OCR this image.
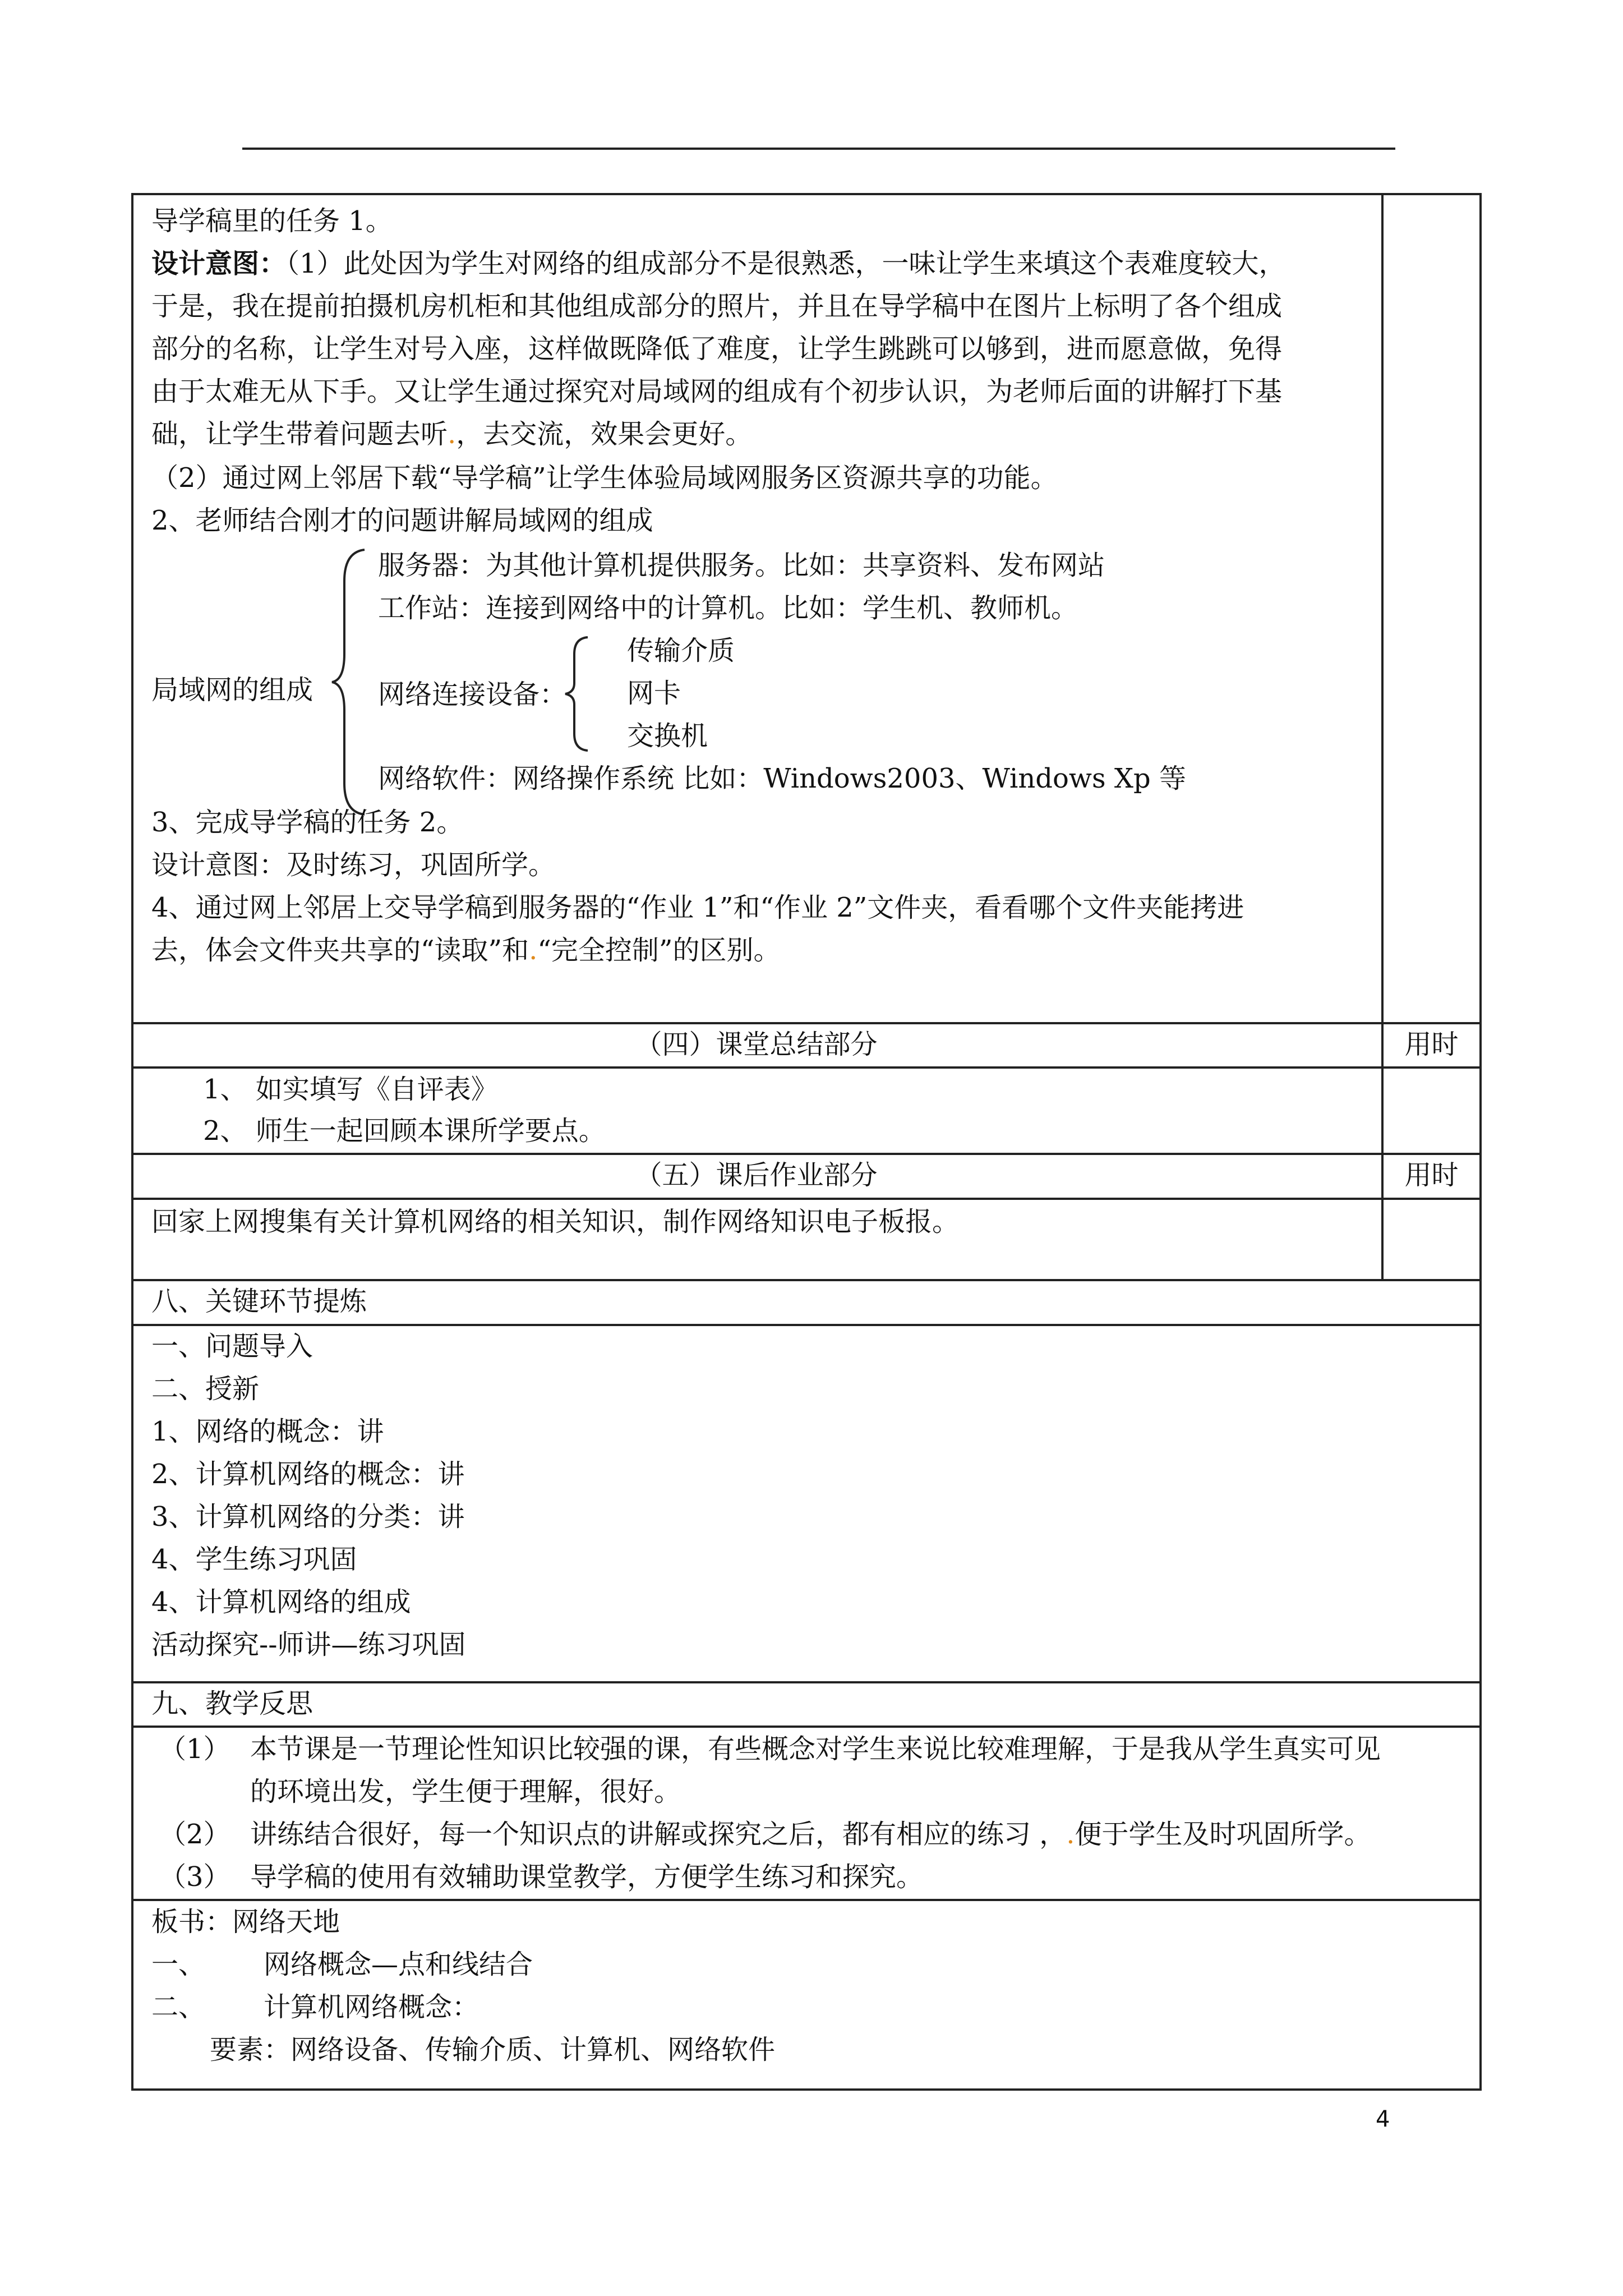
导学稿里的任务 1。
设计意图：（1）此处因为学生对网络的组成部分不是很熟悉，一味让学生来填这个表难度较大，
于是，我在提前拍摄机房机柜和其他组成部分的照片，并且在导学稿中在图片上标明了各个组成
部分的名称，让学生对号入座，这样做既降低了难度，让学生跳跳可以够到，进而愿意做，免得
由于太难无从下手。又让学生通过探究对局域网的组成有个初步认识，为老师后面的讲解打下基
础，让学生带着问题去听.，去交流，效果会更好。
（2）通过网上邻居下载“导学稿”让学生体验局域网服务区资源共享的功能。
2、老师结合刚才的问题讲解局域网的组成
局域网的组成
服务器：为其他计算机提供服务。比如：共享资料、发布网站
工作站：连接到网络中的计算机。比如：学生机、教师机。
网络连接设备：
传输介质
网卡
交换机
网络软件：网络操作系统 比如：Windows2003、Windows Xp 等
3、完成导学稿的任务 2。
设计意图：及时练习，巩固所学。
4、通过网上邻居上交导学稿到服务器的“作业 1”和“作业 2”文件夹，看看哪个文件夹能拷进
去，体会文件夹共享的“读取”和.“完全控制”的区别。
（四）课堂总结部分	用时
1、 如实填写《自评表》
2、 师生一起回顾本课所学要点。
（五）课后作业部分	用时
回家上网搜集有关计算机网络的相关知识，制作网络知识电子板报。
八、关键环节提炼
一、问题导入
二、授新
1、网络的概念：讲
2、计算机网络的概念：讲
3、计算机网络的分类：讲
4、学生练习巩固
4、计算机网络的组成
活动探究--师讲—练习巩固
九、教学反思
（1） 本节课是一节理论性知识比较强的课，有些概念对学生来说比较难理解，于是我从学生真实可见
的环境出发，学生便于理解，很好。
（2） 讲练结合很好，每一个知识点的讲解或探究之后，都有相应的练习 ，.便于学生及时巩固所学。
（3） 导学稿的使用有效辅助课堂教学，方便学生练习和探究。
板书：网络天地
一、 网络概念—点和线结合
二、 计算机网络概念：
要素：网络设备、传输介质、计算机、网络软件
4
